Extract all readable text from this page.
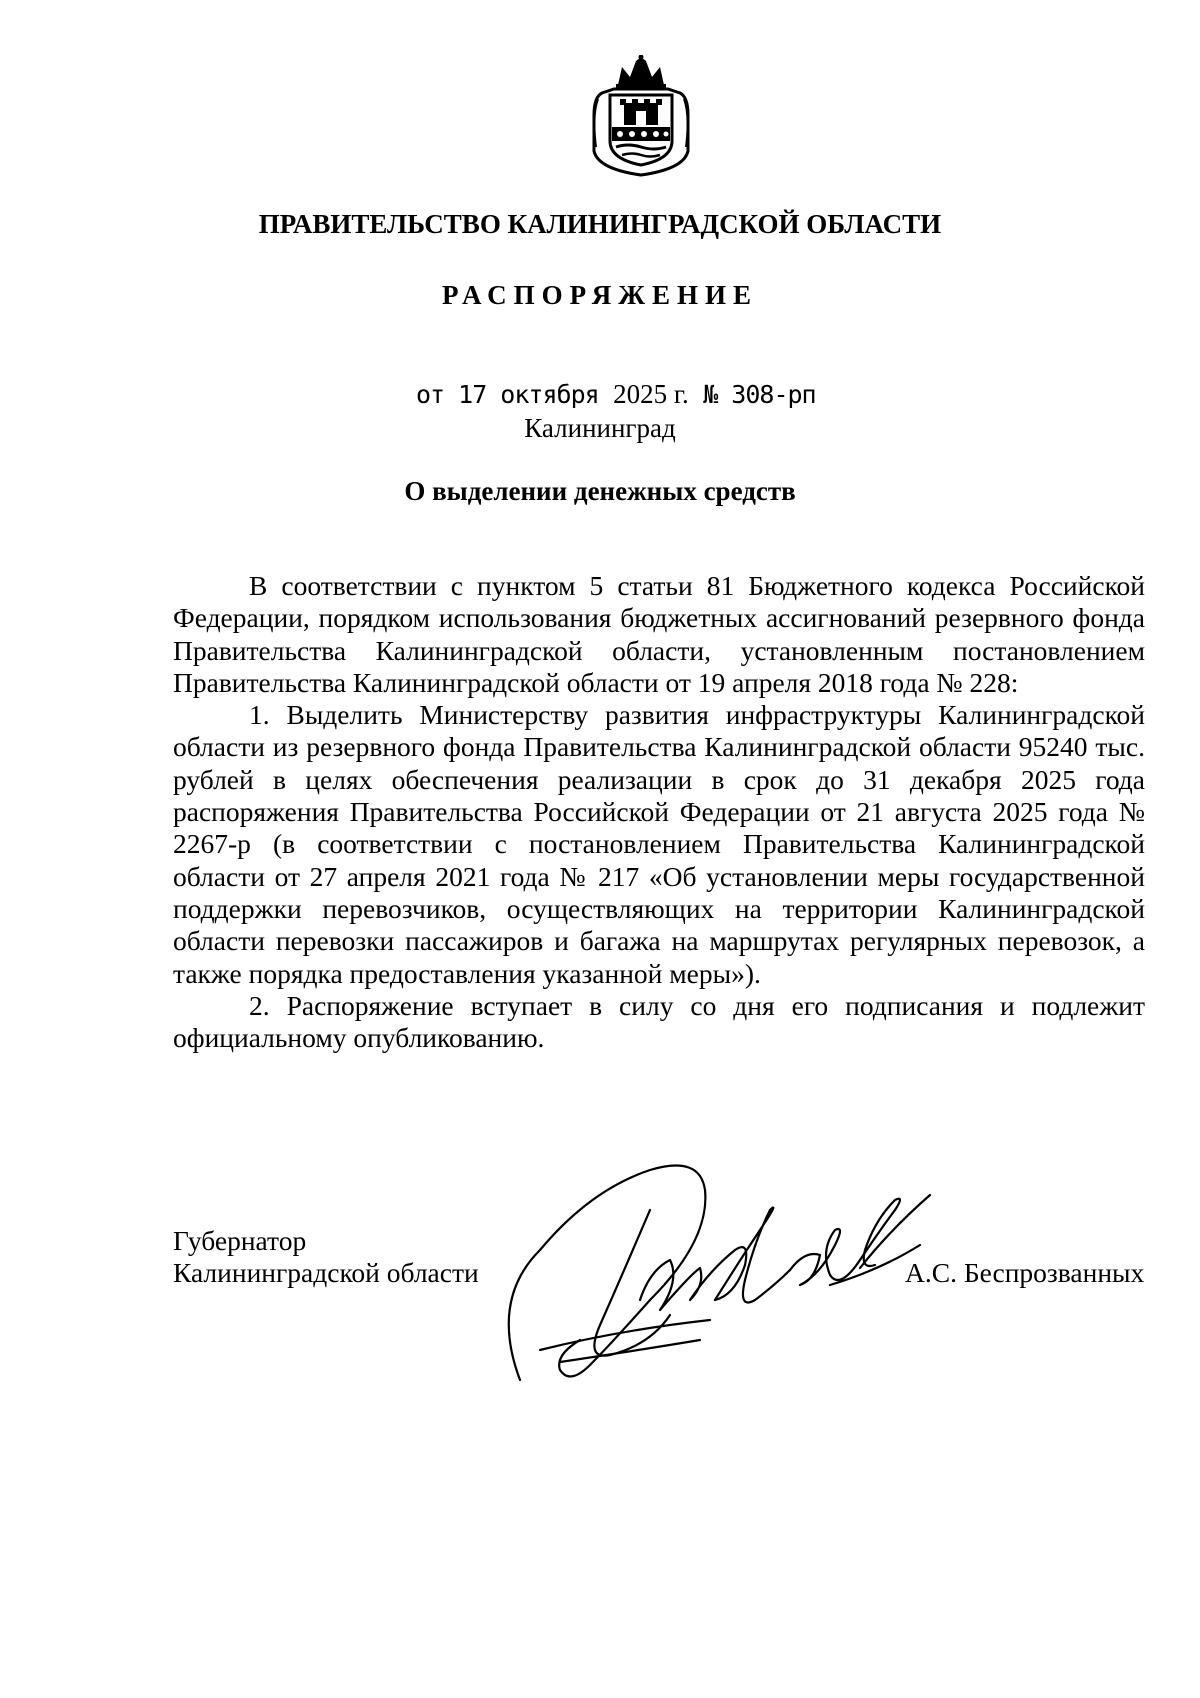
ПРАВИТЕЛЬСТВО КАЛИНИНГРАДСКОЙ ОБЛАСТИ
РАСПОРЯЖЕНИЕ
от 17 октября 2025 г. № 308-рп
Калининград
О выделении денежных средств

В соответствии с пунктом 5 статьи 81 Бюджетного кодекса Российской Федерации, порядком использования бюджетных ассигнований резервного фонда Правительства Калининградской области, установленным постановлением Правительства Калининградской области от 19 апреля 2018 года № 228:

1. Выделить Министерству развития инфраструктуры Калининградской области из резервного фонда Правительства Калининградской области 95240 тыс. рублей в целях обеспечения реализации в срок до 31 декабря 2025 года распоряжения Правительства Российской Федерации от 21 августа 2025 года № 2267-р (в соответствии с постановлением Правительства Калининградской области от 27 апреля 2021 года № 217 «Об установлении меры государственной поддержки перевозчиков, осуществляющих на территории Калининградской области перевозки пассажиров и багажа на маршрутах регулярных перевозок, а также порядка предоставления указанной меры»).

2. Распоряжение вступает в силу со дня его подписания и подлежит официальному опубликованию.

Губернатор
Калининградской области	А.С. Беспрозванных
